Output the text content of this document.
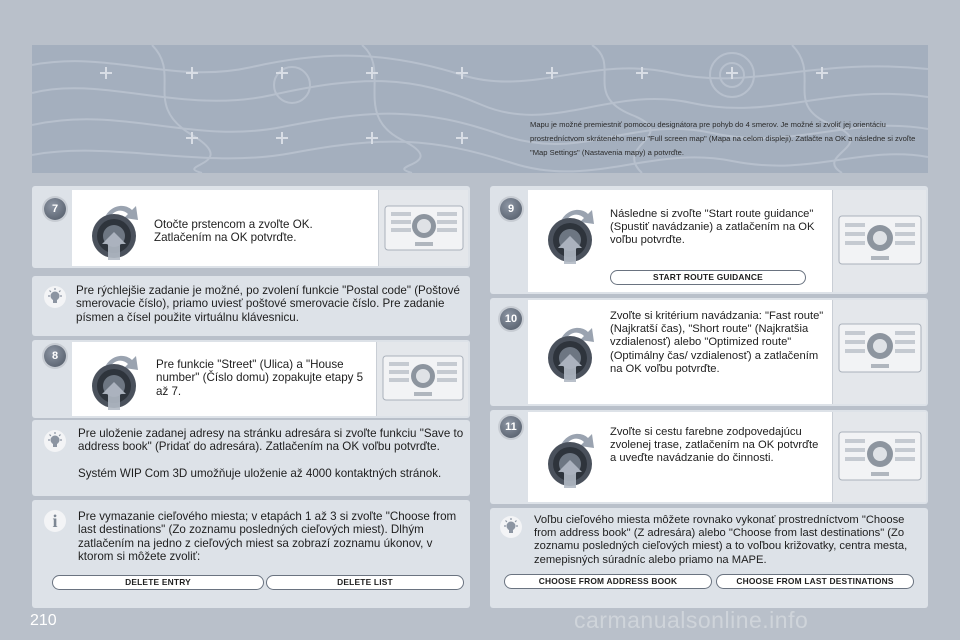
Mapu je možné premiestniť pomocou designátora pre pohyb do 4 smerov. Je možné si zvoliť jej orientáciu prostredníctvom skráteného menu "Full screen map" (Mapa na celom displeji). Zatlačte na OK a následne si zvoľte "Map Settings" (Nastavenia mapy) a potvrďte.
7
Otočte prstencom a zvoľte OK. Zatlačením na OK potvrďte.
Pre rýchlejšie zadanie je možné, po zvolení funkcie "Postal code" (Poštové smerovacie číslo), priamo uviesť poštové smerovacie číslo. Pre zadanie písmen a čísel použite virtuálnu klávesnicu.
8
Pre funkcie "Street" (Ulica) a "House number" (Číslo domu) zopakujte etapy 5 až 7.
Pre uloženie zadanej adresy na stránku adresára si zvoľte funkciu "Save to address book" (Pridať do adresára). Zatlačením na OK voľbu potvrďte.
Systém WIP Com 3D umožňuje uloženie až 4000 kontaktných stránok.
i	Pre vymazanie cieľového miesta; v etapách 1 až 3 si zvoľte "Choose from last destinations" (Zo zoznamu posledných cieľových miest). Dlhým zatlačením na jedno z cieľových miest sa zobrazí zoznamu úkonov, v ktorom si môžete zvoliť:
DELETE ENTRY	DELETE LIST
9	Následne si zvoľte "Start route guidance" (Spustiť navádzanie) a zatlačením na OK voľbu potvrďte.
START ROUTE GUIDANCE
10	Zvoľte si kritérium navádzania: "Fast route" (Najkratší čas), "Short route" (Najkratšia vzdialenosť) alebo "Optimized route" (Optimálny čas/ vzdialenosť) a zatlačením na OK voľbu potvrďte.
11	Zvoľte si cestu farebne zodpovedajúcu zvolenej trase, zatlačením na OK potvrďte a uveďte navádzanie do činnosti.
Voľbu cieľového miesta môžete rovnako vykonať prostredníctvom "Choose from address book" (Z adresára) alebo "Choose from last destinations" (Zo zoznamu posledných cieľových miest) a to voľbou križovatky, centra mesta, zemepisných súradníc alebo priamo na MAPE.
CHOOSE FROM ADDRESS BOOK	CHOOSE FROM LAST DESTINATIONS
210	carmanualsonline.info
